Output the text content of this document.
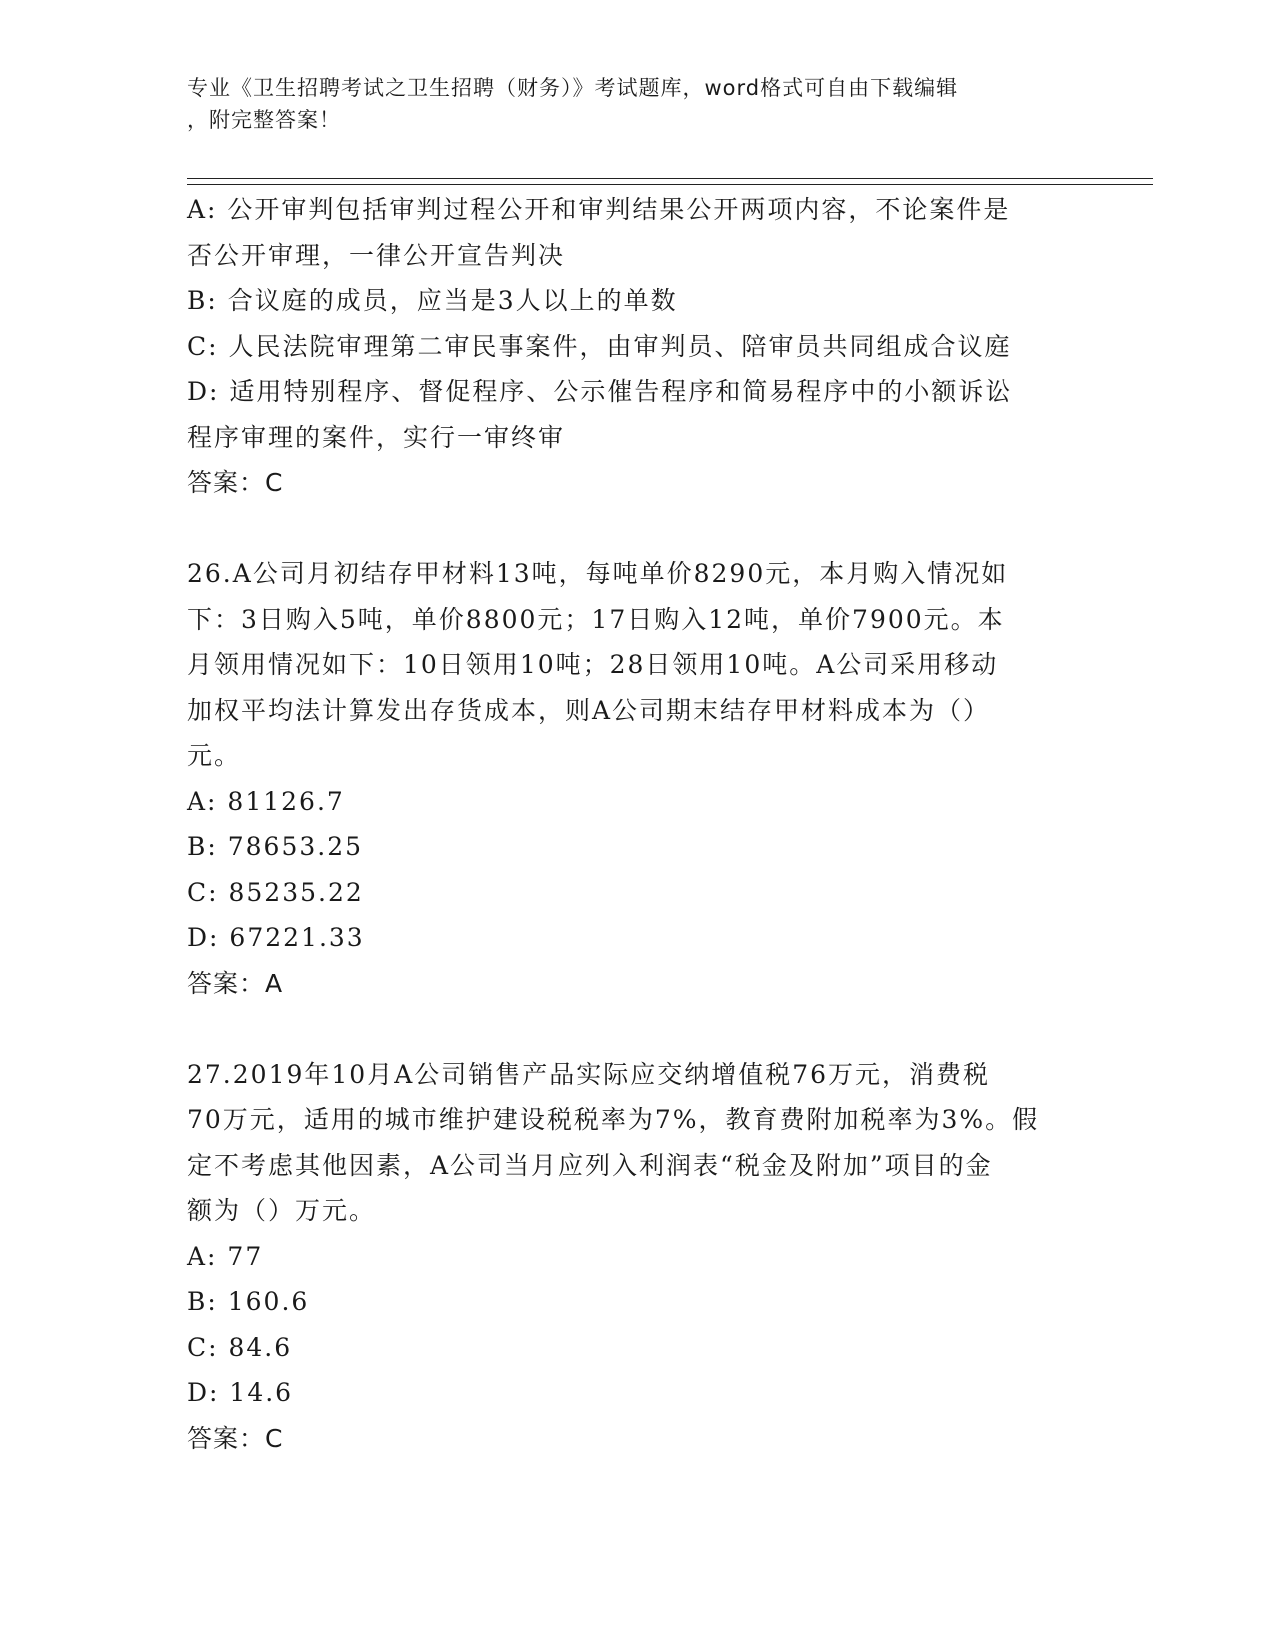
专业《卫生招聘考试之卫生招聘（财务）》考试题库，word格式可自由下载编辑
，附完整答案！
A: 公开审判包括审判过程公开和审判结果公开两项内容，不论案件是
否公开审理，一律公开宣告判决
B: 合议庭的成员，应当是3人以上的单数
C: 人民法院审理第二审民事案件，由审判员、陪审员共同组成合议庭
D: 适用特别程序、督促程序、公示催告程序和简易程序中的小额诉讼
程序审理的案件，实行一审终审
答案：C
26.A公司月初结存甲材料13吨，每吨单价8290元，本月购入情况如
下：3日购入5吨，单价8800元；17日购入12吨，单价7900元。本
月领用情况如下：10日领用10吨；28日领用10吨。A公司采用移动
加权平均法计算发出存货成本，则A公司期末结存甲材料成本为（）
元。
A: 81126.7
B: 78653.25
C: 85235.22
D: 67221.33
答案：A
27.2019年10月A公司销售产品实际应交纳增值税76万元，消费税
70万元，适用的城市维护建设税税率为7%，教育费附加税率为3%。假
定不考虑其他因素，A公司当月应列入利润表“税金及附加”项目的金
额为（）万元。
A: 77
B: 160.6
C: 84.6
D: 14.6
答案：C
